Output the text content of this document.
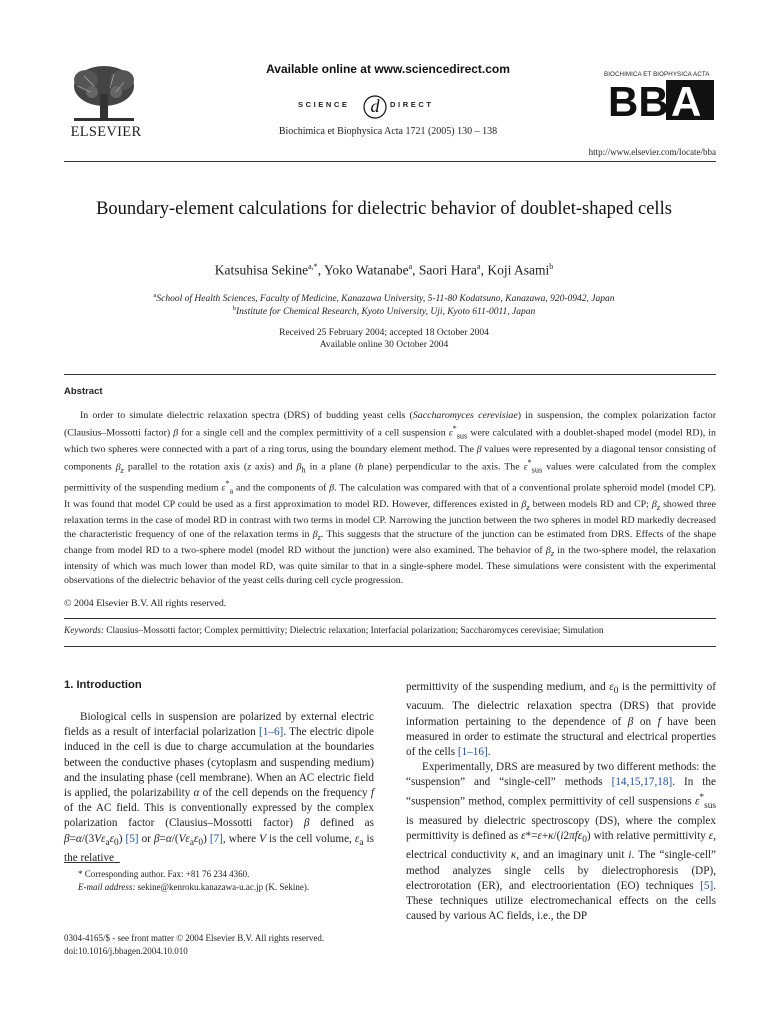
ELSEVIER
Available online at www.sciencedirect.com
SCIENCE d DIRECT
Biochimica et Biophysica Acta 1721 (2005) 130 – 138
BIOCHIMICA ET BIOPHYSICA ACTA
BB A
http://www.elsevier.com/locate/bba
Boundary-element calculations for dielectric behavior of doublet-shaped cells
Katsuhisa Sekine$^{a,*}$, Yoko Watanabe$^a$, Saori Hara$^a$, Koji Asami$^b$
$^a$School of Health Sciences, Faculty of Medicine, Kanazawa University, 5-11-80 Kodatsuno, Kanazawa, 920-0942, Japan
$^b$Institute for Chemical Research, Kyoto University, Uji, Kyoto 611-0011, Japan
Received 25 February 2004; accepted 18 October 2004
Available online 30 October 2004
Abstract

In order to simulate dielectric relaxation spectra (DRS) of budding yeast cells (Saccharomyces cerevisiae) in suspension, the complex polarization factor (Clausius–Mossotti factor) β for a single cell and the complex permittivity of a cell suspension $\varepsilon^*_{sus}$ were calculated with a doublet-shaped model (model RD), in which two spheres were connected with a part of a ring torus, using the boundary element method. The β values were represented by a diagonal tensor consisting of components $\beta_z$ parallel to the rotation axis (z axis) and $\beta_h$ in a plane (h plane) perpendicular to the axis. The $\varepsilon^*_{sus}$ values were calculated from the complex permittivity of the suspending medium $\varepsilon^*_a$ and the components of β. The calculation was compared with that of a conventional prolate spheroid model (model CP). It was found that model CP could be used as a first approximation to model RD. However, differences existed in $\beta_z$ between models RD and CP; $\beta_z$ showed three relaxation terms in the case of model RD in contrast with two terms in model CP. Narrowing the junction between the two spheres in model RD markedly decreased the characteristic frequency of one of the relaxation terms in $\beta_z$. This suggests that the structure of the junction can be estimated from DRS. Effects of the shape change from model RD to a two-sphere model (model RD without the junction) were also examined. The behavior of $\beta_z$ in the two-sphere model, the relaxation intensity of which was much lower than model RD, was quite similar to that in a single-sphere model. These simulations were consistent with the experimental observations of the dielectric behavior of the yeast cells during cell cycle progression.

© 2004 Elsevier B.V. All rights reserved.
Keywords: Clausius–Mossotti factor; Complex permittivity; Dielectric relaxation; Interfacial polarization; Saccharomyces cerevisiae; Simulation
1. Introduction

Biological cells in suspension are polarized by external electric fields as a result of interfacial polarization [1–6]. The electric dipole induced in the cell is due to charge accumulation at the boundaries between the conductive phases (cytoplasm and suspending medium) and the insulating phase (cell membrane). When an AC electric field is applied, the polarizability α of the cell depends on the frequency f of the AC field. This is conventionally expressed by the complex polarization factor (Clausius–Mossotti factor) β defined as $\beta=\alpha/(3V\varepsilon_a\varepsilon_0)$ [5] or $\beta=\alpha/(V\varepsilon_a\varepsilon_0)$ [7], where V is the cell volume, $\varepsilon_a$ is the relative

* Corresponding author. Fax: +81 76 234 4360.
E-mail address: sekine@kenroku.kanazawa-u.ac.jp (K. Sekine).
0304-4165/$ - see front matter © 2004 Elsevier B.V. All rights reserved.
doi:10.1016/j.bbagen.2004.10.010

permittivity of the suspending medium, and $\varepsilon_0$ is the permittivity of vacuum. The dielectric relaxation spectra (DRS) that provide information pertaining to the dependence of β on f have been measured in order to estimate the structural and electrical properties of the cells [1–16].

Experimentally, DRS are measured by two different methods: the “suspension” and “single-cell” methods [14,15,17,18]. In the “suspension” method, complex permittivity of cell suspensions $\varepsilon^*_{sus}$ is measured by dielectric spectroscopy (DS), where the complex permittivity is defined as ε*=ε+κ/(i2πfε$_0$) with relative permittivity ε, electrical conductivity κ, and an imaginary unit i. The “single-cell” method analyzes single cells by dielectrophoresis (DP), electrorotation (ER), and electroorientation (EO) techniques [5]. These techniques utilize electromechanical effects on the cells caused by various AC fields, i.e., the DP
